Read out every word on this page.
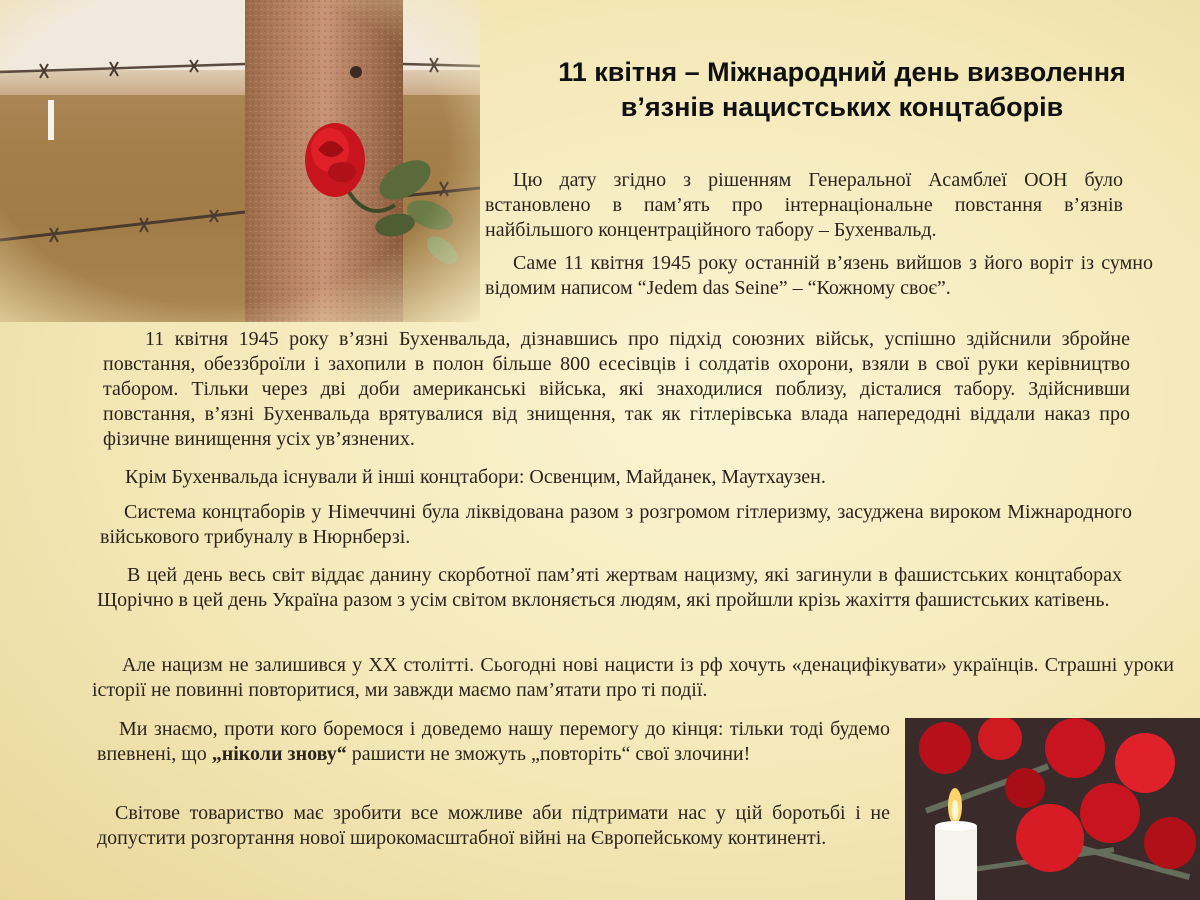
11 квітня – Міжнародний день визволення
в’язнів нацистських концтаборів

Цю дату згідно з рішенням Генеральної Асамблеї ООН було встановлено в пам’ять про інтернаціональне повстання в’язнів найбільшого концентраційного табору – Бухенвальд.

Саме 11 квітня 1945 року останній в’язень вийшов з його воріт із сумно відомим написом “Jedem das Seine” – “Кожному своє”.

11 квітня 1945 року в’язні Бухенвальда, дізнавшись про підхід союзних військ, успішно здійснили збройне повстання, обеззброїли і захопили в полон більше 800 есесівців і солдатів охорони, взяли в свої руки керівництво табором. Тільки через дві доби американські війська, які знаходилися поблизу, дісталися табору. Здійснивши повстання, в’язні Бухенвальда врятувалися від знищення, так як гітлерівська влада напередодні віддали наказ про фізичне винищення усіх ув’язнених.

Крім Бухенвальда існували й інші концтабори: Освенцим, Майданек, Маутхаузен.

Система концтаборів у Німеччині була ліквідована разом з розгромом гітлеризму, засуджена вироком Міжнародного військового трибуналу в Нюрнберзі.

В цей день весь світ віддає данину скорботної пам’яті жертвам нацизму, які загинули в фашистських концтаборах Щорічно в цей день Україна разом з усім світом вклоняється людям, які пройшли крізь жахіття фашистських катівень.

Але нацизм не залишився у ХХ столітті. Сьогодні нові нацисти із рф хочуть «денацифікувати» українців. Страшні уроки історії не повинні повторитися, ми завжди маємо пам’ятати про ті події.

Ми знаємо, проти кого боремося і доведемо нашу перемогу до кінця: тільки тоді будемо впевнені, що „ніколи знову“ рашисти не зможуть „повторіть“ свої злочини!

Світове товариство має зробити все можливе аби підтримати нас у цій боротьбі і не допустити розгортання нової широкомасштабної війні на Європейському континенті.
